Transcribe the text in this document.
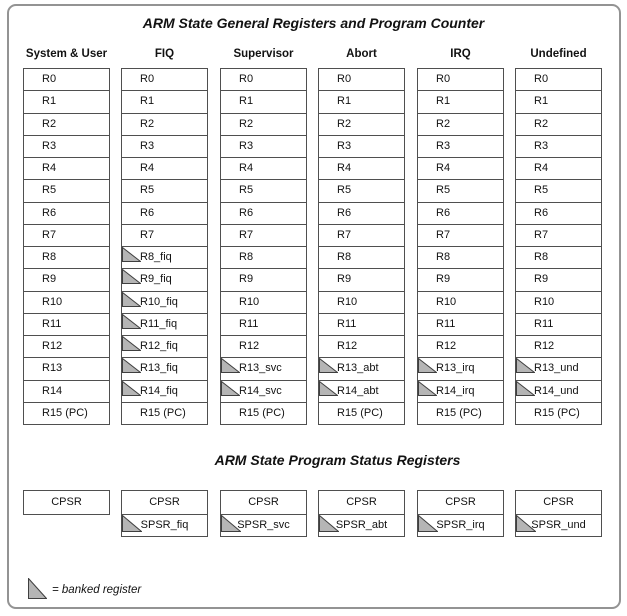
ARM State General Registers and Program Counter
System & User
R0
R1
R2
R3
R4
R5
R6
R7
R8
R9
R10
R11
R12
R13
R14
R15 (PC)
CPSR
FIQ
R0
R1
R2
R3
R4
R5
R6
R7
R8_fiq
R9_fiq
R10_fiq
R11_fiq
R12_fiq
R13_fiq
R14_fiq
R15 (PC)
CPSR
SPSR_fiq
Supervisor
R0
R1
R2
R3
R4
R5
R6
R7
R8
R9
R10
R11
R12
R13_svc
R14_svc
R15 (PC)
CPSR
SPSR_svc
Abort
R0
R1
R2
R3
R4
R5
R6
R7
R8
R9
R10
R11
R12
R13_abt
R14_abt
R15 (PC)
CPSR
SPSR_abt
IRQ
R0
R1
R2
R3
R4
R5
R6
R7
R8
R9
R10
R11
R12
R13_irq
R14_irq
R15 (PC)
CPSR
SPSR_irq
Undefined
R0
R1
R2
R3
R4
R5
R6
R7
R8
R9
R10
R11
R12
R13_und
R14_und
R15 (PC)
CPSR
SPSR_und
ARM State Program Status Registers
= banked register
